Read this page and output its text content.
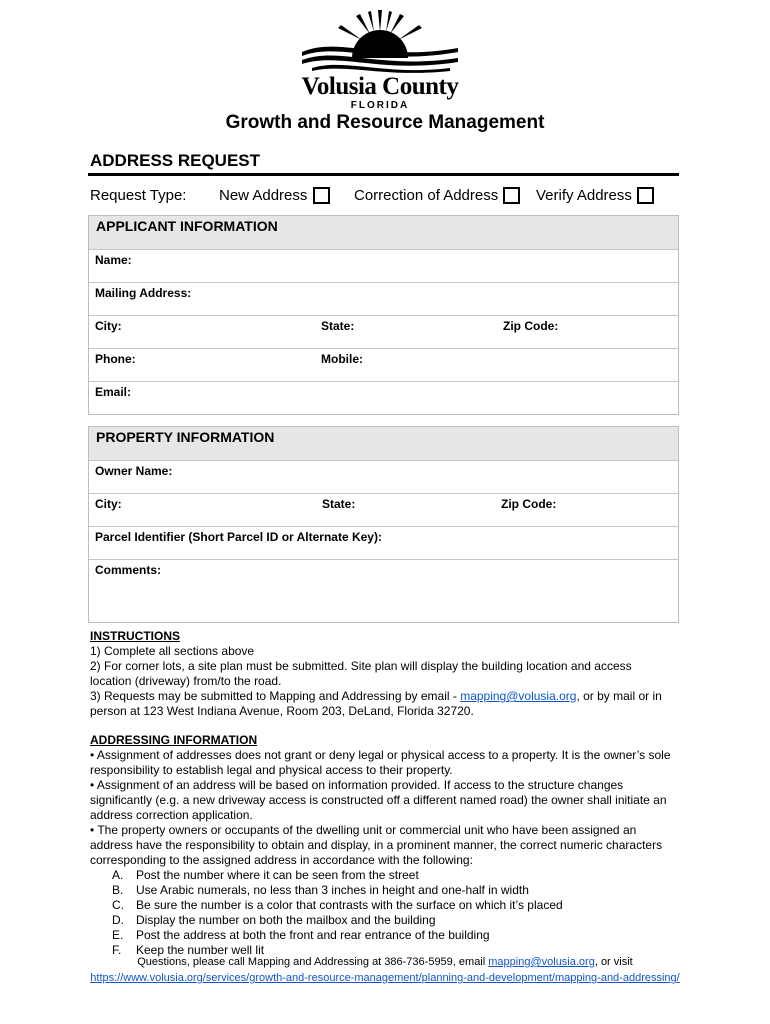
Volusia County
FLORIDA
Growth and Resource Management
ADDRESS REQUEST
Request Type: New Address	Correction of Address	Verify Address
APPLICANT INFORMATION
Name:
Mailing Address:
City:	State:	Zip Code:
Phone:	Mobile:
Email:
PROPERTY INFORMATION
Owner Name:
City:	State:	Zip Code:
Parcel Identifier (Short Parcel ID or Alternate Key):
Comments:
INSTRUCTIONS
1) Complete all sections above
2) For corner lots, a site plan must be submitted. Site plan will display the building location and access location (driveway) from/to the road.
3) Requests may be submitted to Mapping and Addressing by email - mapping@volusia.org, or by mail or in person at 123 West Indiana Avenue, Room 203, DeLand, Florida 32720.
ADDRESSING INFORMATION
• Assignment of addresses does not grant or deny legal or physical access to a property. It is the owner’s sole responsibility to establish legal and physical access to their property.
• Assignment of an address will be based on information provided. If access to the structure changes significantly (e.g. a new driveway access is constructed off a different named road) the owner shall initiate an address correction application.
• The property owners or occupants of the dwelling unit or commercial unit who have been assigned an address have the responsibility to obtain and display, in a prominent manner, the correct numeric characters corresponding to the assigned address in accordance with the following:
A. Post the number where it can be seen from the street
B. Use Arabic numerals, no less than 3 inches in height and one-half in width
C. Be sure the number is a color that contrasts with the surface on which it’s placed
D. Display the number on both the mailbox and the building
E. Post the address at both the front and rear entrance of the building
F. Keep the number well lit
Questions, please call Mapping and Addressing at 386-736-5959, email mapping@volusia.org, or visit
https://www.volusia.org/services/growth-and-resource-management/planning-and-development/mapping-and-addressing/
